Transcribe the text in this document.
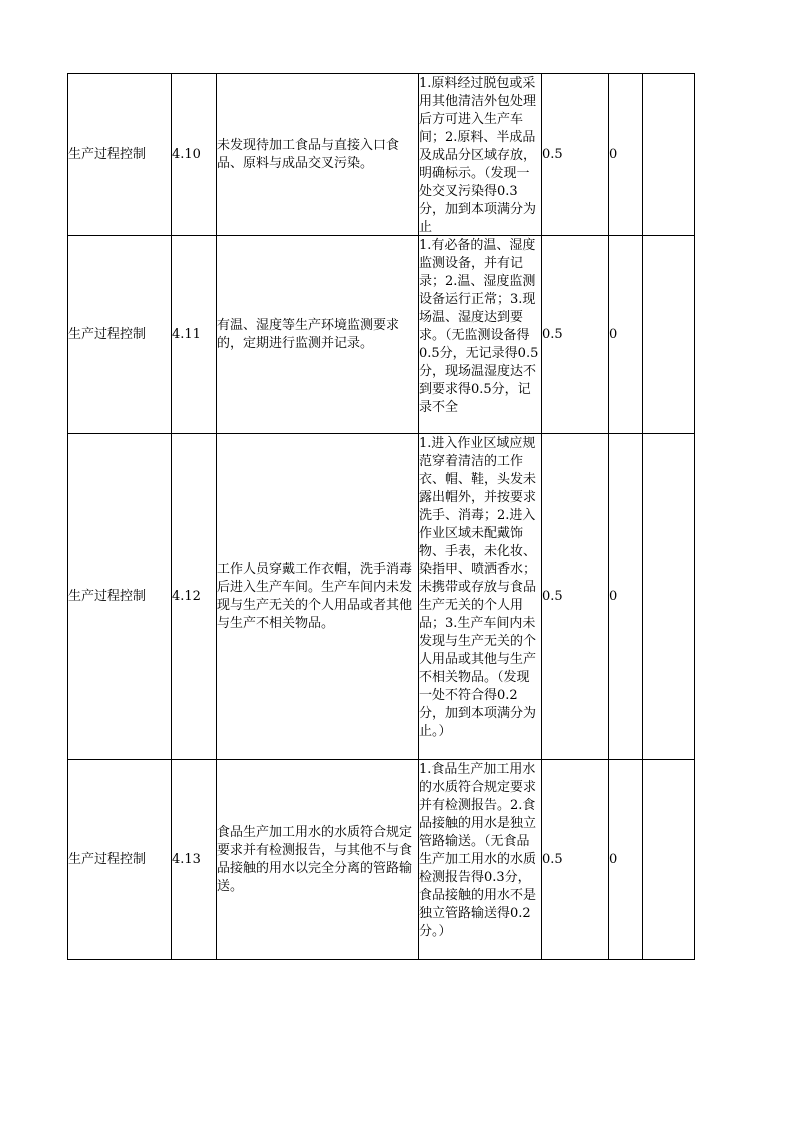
生产过程控制	4.10	未发现待加工食品与直接入口食品、原料与成品交叉污染。	1.原料经过脱包或采用其他清洁外包处理后方可进入生产车间；2.原料、半成品及成品分区域存放，明确标示。（发现一处交叉污染得0.3分，加到本项满分为止	0.5	0	
生产过程控制	4.11	有温、湿度等生产环境监测要求的，定期进行监测并记录。	1.有必备的温、湿度监测设备，并有记录；2.温、湿度监测设备运行正常；3.现场温、湿度达到要求。（无监测设备得0.5分，无记录得0.5分，现场温湿度达不到要求得0.5分，记录不全	0.5	0	
生产过程控制	4.12	工作人员穿戴工作衣帽，洗手消毒后进入生产车间。生产车间内未发现与生产无关的个人用品或者其他与生产不相关物品。	1.进入作业区域应规范穿着清洁的工作衣、帽、鞋，头发未露出帽外，并按要求洗手、消毒；2.进入作业区域未配戴饰物、手表，未化妆、染指甲、喷洒香水；未携带或存放与食品生产无关的个人用品；3.生产车间内未发现与生产无关的个人用品或其他与生产不相关物品。（发现一处不符合得0.2分，加到本项满分为止。）	0.5	0	
生产过程控制	4.13	食品生产加工用水的水质符合规定要求并有检测报告，与其他不与食品接触的用水以完全分离的管路输送。	1.食品生产加工用水的水质符合规定要求并有检测报告。2.食品接触的用水是独立管路输送。（无食品生产加工用水的水质检测报告得0.3分，食品接触的用水不是独立管路输送得0.2分。）	0.5	0	
